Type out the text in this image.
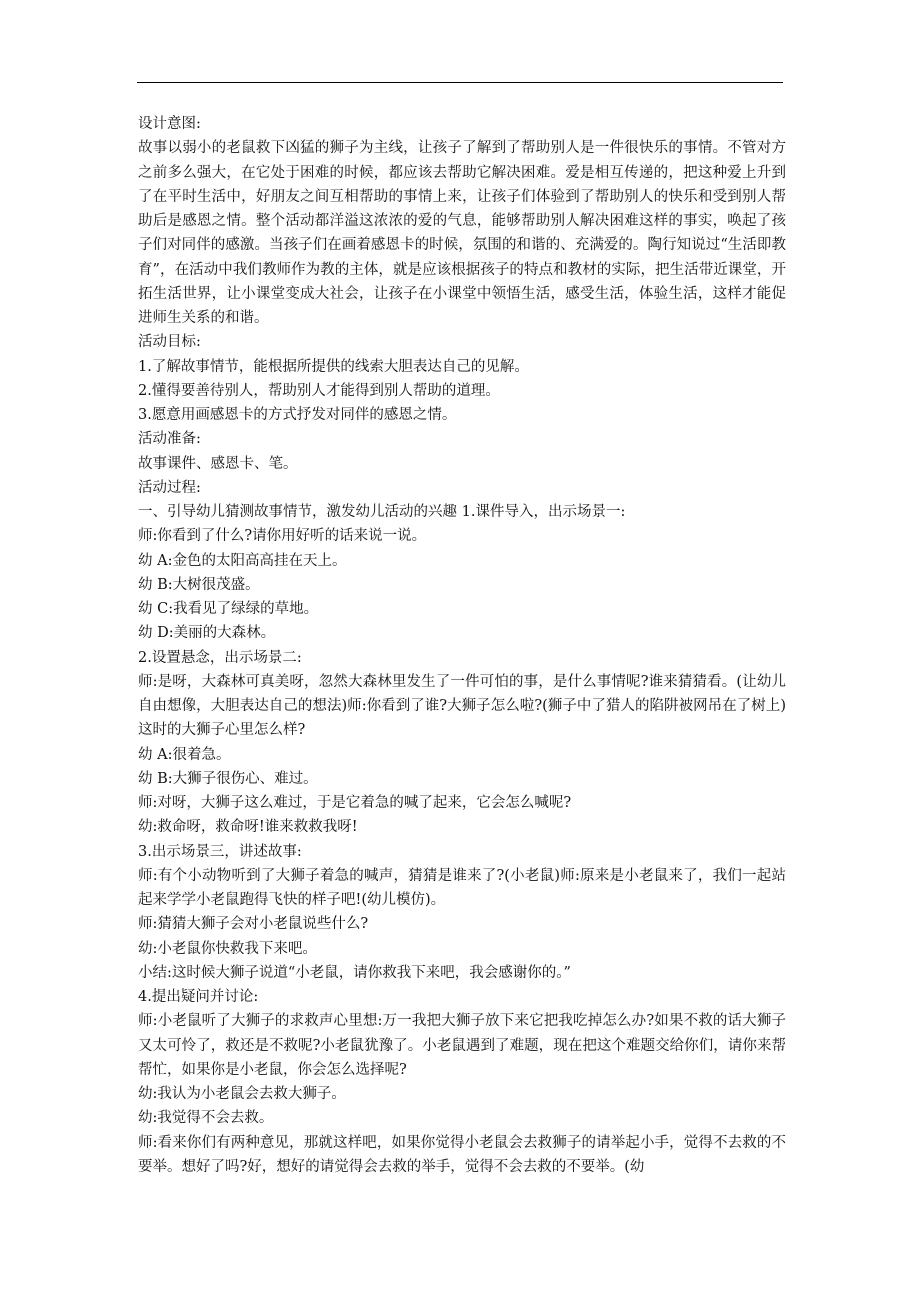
设计意图:

故事以弱小的老鼠救下凶猛的狮子为主线，让孩子了解到了帮助别人是一件很快乐的事情。不管对方之前多么强大，在它处于困难的时候，都应该去帮助它解决困难。爱是相互传递的，把这种爱上升到了在平时生活中，好朋友之间互相帮助的事情上来，让孩子们体验到了帮助别人的快乐和受到别人帮助后是感恩之情。整个活动都洋溢这浓浓的爱的气息，能够帮助别人解决困难这样的事实，唤起了孩子们对同伴的感激。当孩子们在画着感恩卡的时候，氛围的和谐的、充满爱的。陶行知说过“生活即教育”，在活动中我们教师作为教的主体，就是应该根据孩子的特点和教材的实际，把生活带近课堂，开拓生活世界，让小课堂变成大社会，让孩子在小课堂中领悟生活，感受生活，体验生活，这样才能促进师生关系的和谐。

活动目标:

1.了解故事情节，能根据所提供的线索大胆表达自己的见解。

2.懂得要善待别人，帮助别人才能得到别人帮助的道理。

3.愿意用画感恩卡的方式抒发对同伴的感恩之情。

活动准备:

故事课件、感恩卡、笔。

活动过程:

一、引导幼儿猜测故事情节，激发幼儿活动的兴趣 1.课件导入，出示场景一:

师:你看到了什么?请你用好听的话来说一说。

幼 A:金色的太阳高高挂在天上。

幼 B:大树很茂盛。

幼 C:我看见了绿绿的草地。

幼 D:美丽的大森林。

2.设置悬念，出示场景二:

师:是呀，大森林可真美呀，忽然大森林里发生了一件可怕的事，是什么事情呢?谁来猜猜看。(让幼儿自由想像，大胆表达自己的想法)师:你看到了谁?大狮子怎么啦?(狮子中了猎人的陷阱被网吊在了树上)这时的大狮子心里怎么样?

幼 A:很着急。

幼 B:大狮子很伤心、难过。

师:对呀，大狮子这么难过，于是它着急的喊了起来，它会怎么喊呢?

幼:救命呀，救命呀!谁来救救我呀!

3.出示场景三，讲述故事:

师:有个小动物听到了大狮子着急的喊声，猜猜是谁来了?(小老鼠)师:原来是小老鼠来了，我们一起站起来学学小老鼠跑得飞快的样子吧!(幼儿模仿)。

师:猜猜大狮子会对小老鼠说些什么?

幼:小老鼠你快救我下来吧。

小结:这时候大狮子说道“小老鼠，请你救我下来吧，我会感谢你的。”

4.提出疑问并讨论:

师:小老鼠听了大狮子的求救声心里想:万一我把大狮子放下来它把我吃掉怎么办?如果不救的话大狮子又太可怜了，救还是不救呢?小老鼠犹豫了。小老鼠遇到了难题，现在把这个难题交给你们，请你来帮帮忙，如果你是小老鼠，你会怎么选择呢?

幼:我认为小老鼠会去救大狮子。

幼:我觉得不会去救。

师:看来你们有两种意见，那就这样吧，如果你觉得小老鼠会去救狮子的请举起小手，觉得不去救的不要举。想好了吗?好，想好的请觉得会去救的举手，觉得不会去救的不要举。(幼
